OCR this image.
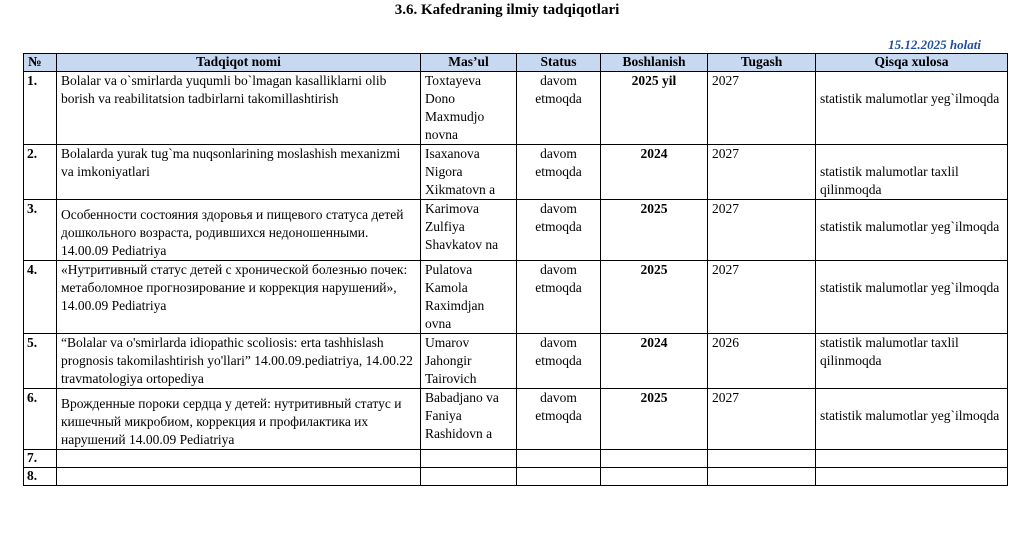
3.6. Kafedraning ilmiy tadqiqotlari
15.12.2025 holati
№	Tadqiqot nomi	Mas’ul	Status	Boshlanish	Tugash	Qisqa xulosa
1.	Bolalar va o`smirlarda yuqumli bo`lmagan kasalliklarni olib borish va reabilitatsion tadbirlarni takomillashtirish	Toxtayeva Dono Maxmudjo novna	davom etmoqda	2025 yil	2027	statistik malumotlar yeg`ilmoqda
2.	Bolalarda yurak tug`ma nuqsonlarining moslashish mexanizmi va imkoniyatlari	Isaxanova Nigora Xikmatovn a	davom etmoqda	2024	2027	statistik malumotlar taxlil qilinmoqda
3.	Особенности состояния здоровья и пищевого статуса детей дошкольного возраста, родившихся недоношенными. 14.00.09 Pediatriya	Karimova Zulfiya Shavkatov na	davom etmoqda	2025	2027	statistik malumotlar yeg`ilmoqda
4.	«Нутритивный статус детей с хронической болезнью почек: метаболомное прогнозирование и коррекция нарушений», 14.00.09 Pediatriya	Pulatova Kamola Raximdjan ovna	davom etmoqda	2025	2027	statistik malumotlar yeg`ilmoqda
5.	“Bolalar va o'smirlarda idiopathic scoliosis: erta tashhislash prognosis takomilashtirish yo'llari” 14.00.09.pediatriya, 14.00.22 travmatologiya ortopediya	Umarov Jahongir Tairovich	davom etmoqda	2024	2026	statistik malumotlar taxlil qilinmoqda
6.	Врожденные пороки сердца у детей: нутритивный статус и кишечный микробиом, коррекция и профилактика их нарушений 14.00.09 Pediatriya	Babadjano va Faniya Rashidovn a	davom etmoqda	2025	2027	statistik malumotlar yeg`ilmoqda
7.						
8.						
